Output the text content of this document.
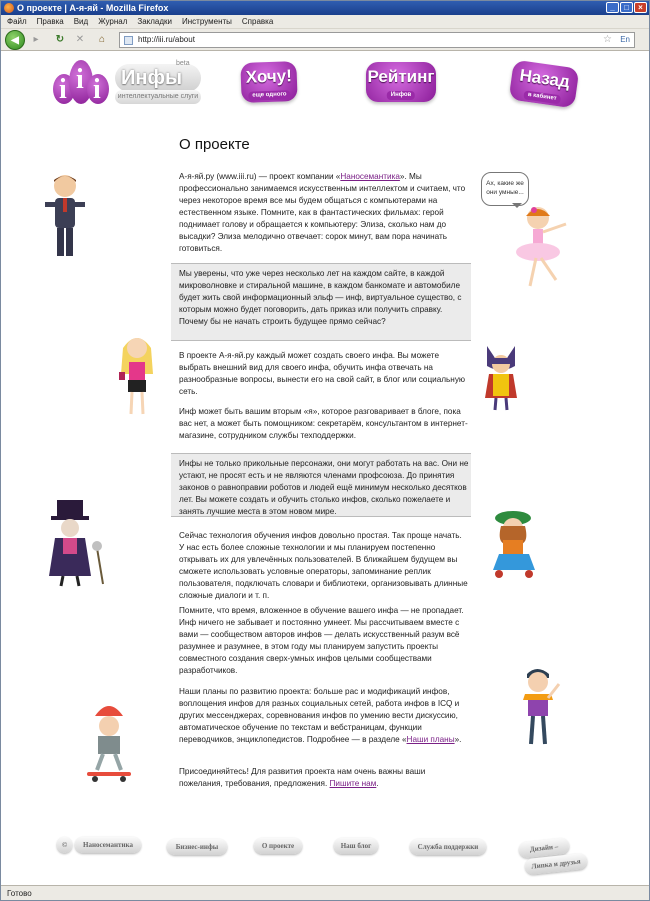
О проекте | А-я-яй - Mozilla Firefox	_	□	×
Файл Правка Вид Журнал Закладки Инструменты Справка
◀	▸	↻ ✕	⌂	http://iii.ru/about	☆ En
i i i	Инфы
beta
интеллектуальные слуги
Хочу!
еще одного
Рейтинг
Инфов
Назад
в кабинет
О проекте
А-я-яй.ру (www.iii.ru) — проект компании «Наносемантика». Мы профессионально занимаемся искусственным интеллектом и считаем, что через некоторое время все мы будем общаться с компьютерами на естественном языке. Помните, как в фантастических фильмах: герой поднимает голову и обращается к компьютеру: Элиза, сколько нам до высадки? Элиза мелодично отвечает: сорок минут, вам пора начинать готовиться.
Мы уверены, что уже через несколько лет на каждом сайте, в каждой микроволновке и стиральной машине, в каждом банкомате и автомобиле будет жить свой информационный эльф — инф, виртуальное существо, с которым можно будет поговорить, дать приказ или получить справку. Почему бы не начать строить будущее прямо сейчас?
В проекте А-я-яй.ру каждый может создать своего инфа. Вы можете выбрать внешний вид для своего инфа, обучить инфа отвечать на разнообразные вопросы, вынести его на свой сайт, в блог или социальную сеть.
Инф может быть вашим вторым «я», которое разговаривает в блоге, пока вас нет, а может быть помощником: секретарём, консультантом в интернет-магазине, сотрудником службы техподдержки.
Инфы не только прикольные персонажи, они могут работать на вас. Они не устают, не просят есть и не являются членами профсоюза. До принятия законов о равноправии роботов и людей ещё минимум несколько десятков лет. Вы можете создать и обучить столько инфов, сколько пожелаете и занять лучшие места в этом новом мире.
Сейчас технология обучения инфов довольно простая. Так проще начать. У нас есть более сложные технологии и мы планируем постепенно открывать их для увлечённых пользователей. В ближайшем будущем вы сможете использовать условные операторы, запоминание реплик пользователя, подключать словари и библиотеки, организовывать длинные сложные диалоги и т. п.
Помните, что время, вложенное в обучение вашего инфа — не пропадает. Инф ничего не забывает и постоянно умнеет. Мы рассчитываем вместе с вами — сообществом авторов инфов — делать искусственный разум всё разумнее и разумнее, в этом году мы планируем запустить проекты совместного создания сверх-умных инфов целыми сообществами разработчиков.
Наши планы по развитию проекта: больше рас и модификаций инфов, воплощения инфов для разных социальных сетей, работа инфов в ICQ и других мессенджерах, соревнования инфов по умению вести дискуссию, автоматическое обучение по текстам и вебстраницам, функции переводчиков, энциклопедистов. Подробнее — в разделе «Наши планы».
Присоединяйтесь! Для развития проекта нам очень важны ваши пожелания, требования, предложения. Пишите нам.
Ах, какие же они умные...
©	Наносемантика	Бизнес-инфы	О проекте	Наш блог	Служба поддержки	Дизайн –
Липка и друзья
Готово
